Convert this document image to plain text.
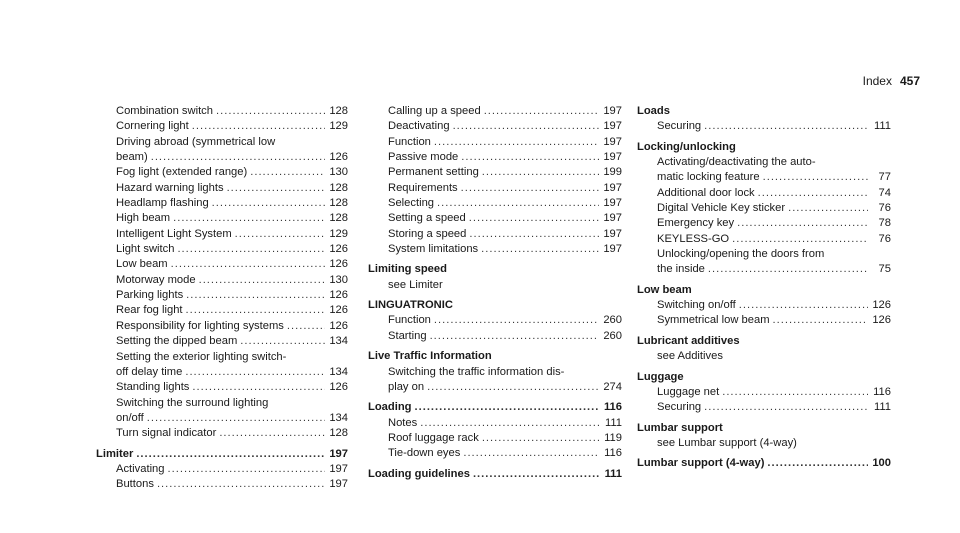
Index 457
Combination switch .....	128
Cornering light .....	129
Driving abroad (symmetrical low
beam) .....	126
Fog light (extended range) .....	130
Hazard warning lights .....	128
Headlamp flashing .....	128
High beam .....	128
Intelligent Light System .....	129
Light switch .....	126
Low beam .....	126
Motorway mode .....	130
Parking lights .....	126
Rear fog light .....	126
Responsibility for lighting systems .....	126
Setting the dipped beam .....	134
Setting the exterior lighting switch-
off delay time .....	134
Standing lights .....	126
Switching the surround lighting
on/off .....	134
Turn signal indicator .....	128
Limiter .....	197
Activating .....	197
Buttons .....	197
Calling up a speed .....	197
Deactivating .....	197
Function .....	197
Passive mode .....	197
Permanent setting .....	199
Requirements .....	197
Selecting .....	197
Setting a speed .....	197
Storing a speed .....	197
System limitations .....	197
Limiting speed
see Limiter
LINGUATRONIC
Function .....	260
Starting .....	260
Live Traffic Information
Switching the traffic information dis-
play on .....	274
Loading .....	116
Notes .....	111
Roof luggage rack .....	119
Tie-down eyes .....	116
Loading guidelines .....	111
Loads
Securing .....	111
Locking/unlocking
Activating/deactivating the auto-
matic locking feature .....	77
Additional door lock .....	74
Digital Vehicle Key sticker .....	76
Emergency key .....	78
KEYLESS-GO .....	76
Unlocking/opening the doors from
the inside .....	75
Low beam
Switching on/off .....	126
Symmetrical low beam .....	126
Lubricant additives
see Additives
Luggage
Luggage net .....	116
Securing .....	111
Lumbar support
see Lumbar support (4-way)
Lumbar support (4-way) .....	100
